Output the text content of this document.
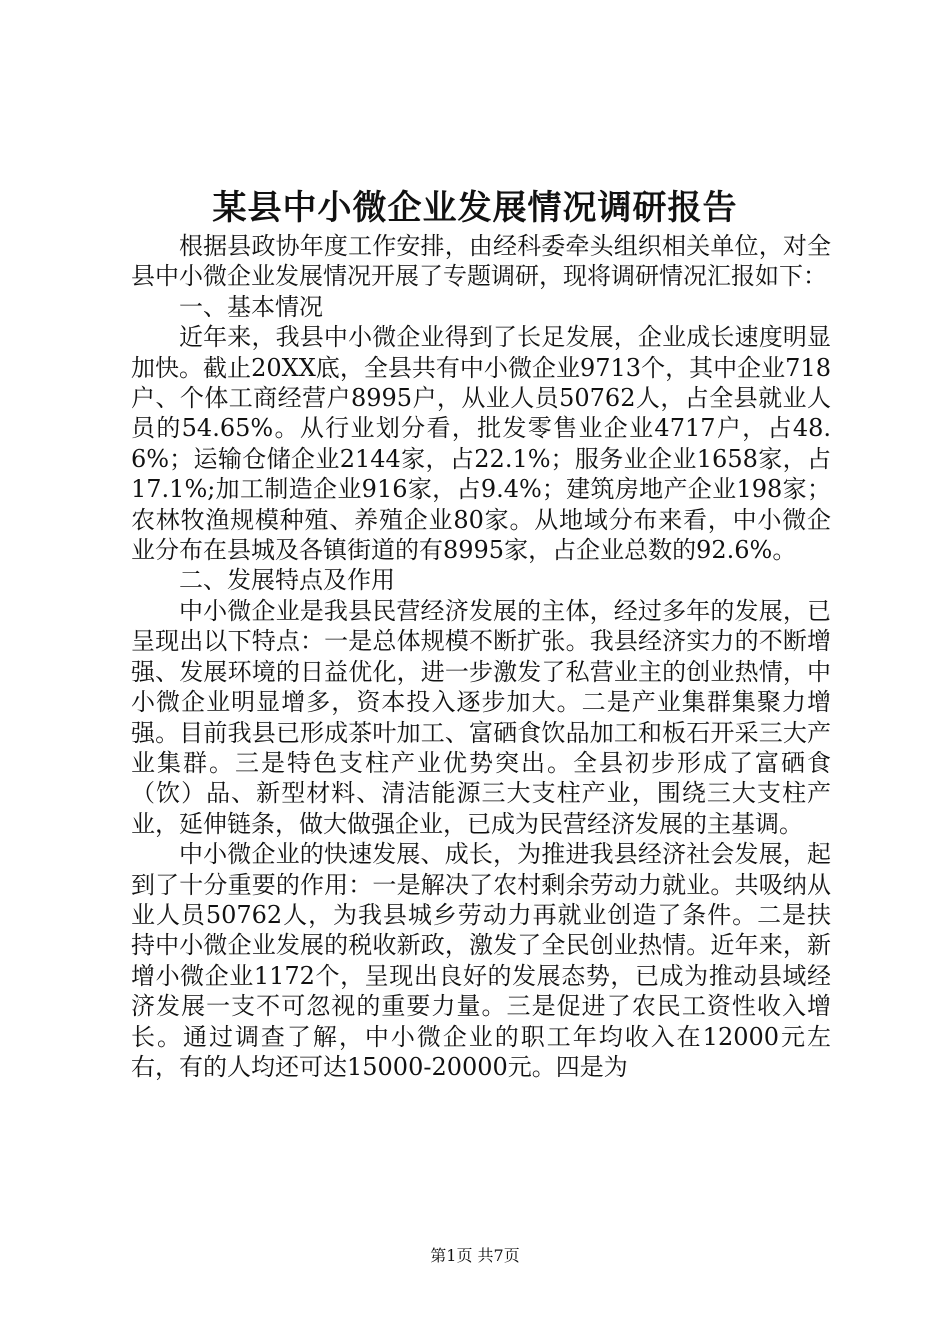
某县中小微企业发展情况调研报告

根据县政协年度工作安排，由经科委牵头组织相关单位，对全县中小微企业发展情况开展了专题调研，现将调研情况汇报如下：

一、基本情况

近年来，我县中小微企业得到了长足发展，企业成长速度明显加快。截止20XX底，全县共有中小微企业9713个，其中企业718户、个体工商经营户8995户，从业人员50762人，占全县就业人员的54.65%。从行业划分看，批发零售业企业4717户，占48.6%；运输仓储企业2144家，占22.1%；服务业企业1658家，占17.1%;加工制造企业916家，占9.4%；建筑房地产企业198家；农林牧渔规模种殖、养殖企业80家。从地域分布来看，中小微企业分布在县城及各镇街道的有8995家，占企业总数的92.6%。

二、发展特点及作用

中小微企业是我县民营经济发展的主体，经过多年的发展，已呈现出以下特点：一是总体规模不断扩张。我县经济实力的不断增强、发展环境的日益优化，进一步激发了私营业主的创业热情，中小微企业明显增多，资本投入逐步加大。二是产业集群集聚力增强。目前我县已形成茶叶加工、富硒食饮品加工和板石开采三大产业集群。三是特色支柱产业优势突出。全县初步形成了富硒食（饮）品、新型材料、清洁能源三大支柱产业，围绕三大支柱产业，延伸链条，做大做强企业，已成为民营经济发展的主基调。

中小微企业的快速发展、成长，为推进我县经济社会发展，起到了十分重要的作用：一是解决了农村剩余劳动力就业。共吸纳从业人员50762人，为我县城乡劳动力再就业创造了条件。二是扶持中小微企业发展的税收新政，激发了全民创业热情。近年来，新增小微企业1172个，呈现出良好的发展态势，已成为推动县域经济发展一支不可忽视的重要力量。三是促进了农民工资性收入增长。通过调查了解，中小微企业的职工年均收入在12000元左右，有的人均还可达15000-20000元。四是为

第1页 共7页
